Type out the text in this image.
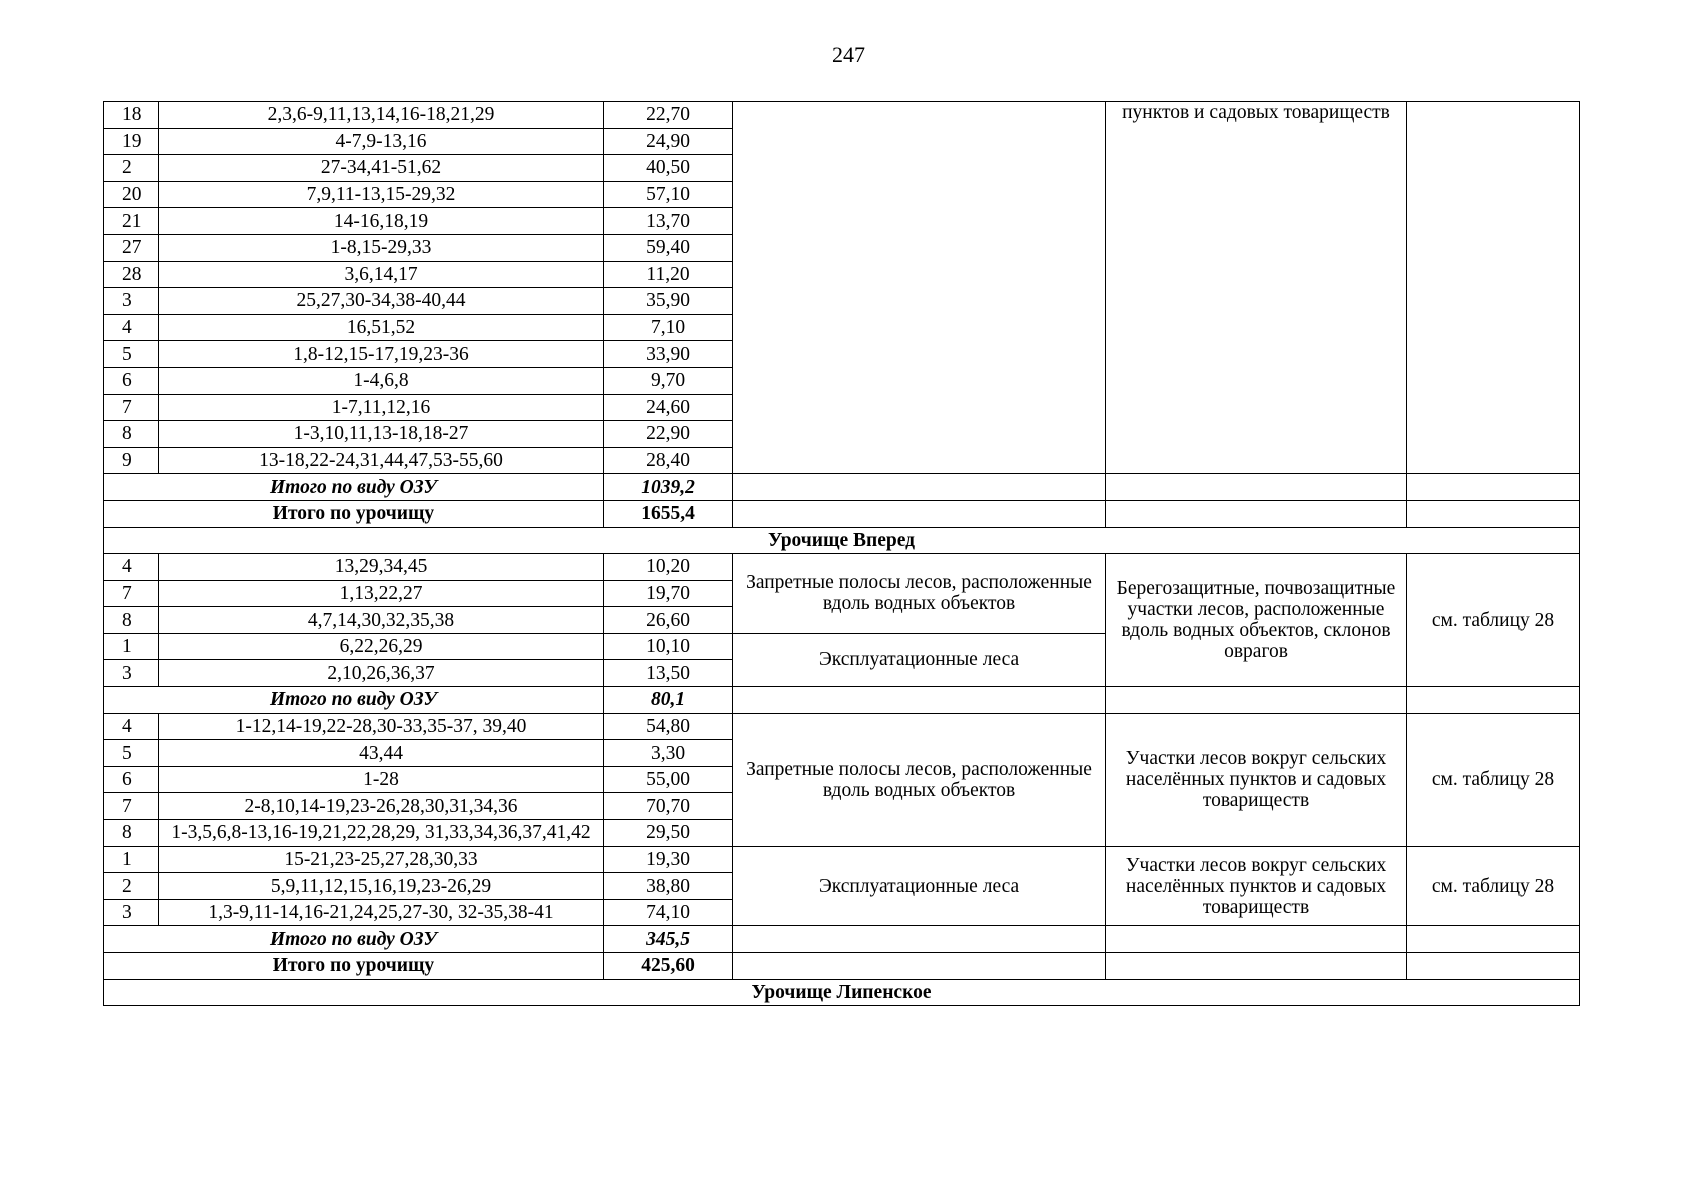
247
18	2,3,6-9,11,13,14,16-18,21,29	22,70		пунктов и садовых товариществ	
19	4-7,9-13,16	24,90			
2	27-34,41-51,62	40,50			
20	7,9,11-13,15-29,32	57,10			
21	14-16,18,19	13,70			
27	1-8,15-29,33	59,40			
28	3,6,14,17	11,20			
3	25,27,30-34,38-40,44	35,90			
4	16,51,52	7,10			
5	1,8-12,15-17,19,23-36	33,90			
6	1-4,6,8	9,70			
7	1-7,11,12,16	24,60			
8	1-3,10,11,13-18,18-27	22,90			
9	13-18,22-24,31,44,47,53-55,60	28,40			
Итого по виду ОЗУ		1039,2			
Итого по урочищу		1655,4			
Урочище Вперед					
4	13,29,34,45	10,20	Запретные полосы лесов, расположенные вдоль водных объектов	Берегозащитные, почвозащитные участки лесов, расположенные вдоль водных объектов, склонов оврагов	см. таблицу 28
7	1,13,22,27	19,70			
8	4,7,14,30,32,35,38	26,60			
1	6,22,26,29	10,10	Эксплуатационные леса		
3	2,10,26,36,37	13,50			
Итого по виду ОЗУ		80,1			
4	1-12,14-19,22-28,30-33,35-37, 39,40	54,80	Запретные полосы лесов, расположенные вдоль водных объектов	Участки лесов вокруг сельских населённых пунктов и садовых товариществ	см. таблицу 28
5	43,44	3,30			
6	1-28	55,00			
7	2-8,10,14-19,23-26,28,30,31,34,36	70,70			
8	1-3,5,6,8-13,16-19,21,22,28,29, 31,33,34,36,37,41,42	29,50			
1	15-21,23-25,27,28,30,33	19,30	Эксплуатационные леса	Участки лесов вокруг сельских населённых пунктов и садовых товариществ	см. таблицу 28
2	5,9,11,12,15,16,19,23-26,29	38,80			
3	1,3-9,11-14,16-21,24,25,27-30, 32-35,38-41	74,10			
Итого по виду ОЗУ		345,5			
Итого по урочищу		425,60			
Урочище Липенское					
